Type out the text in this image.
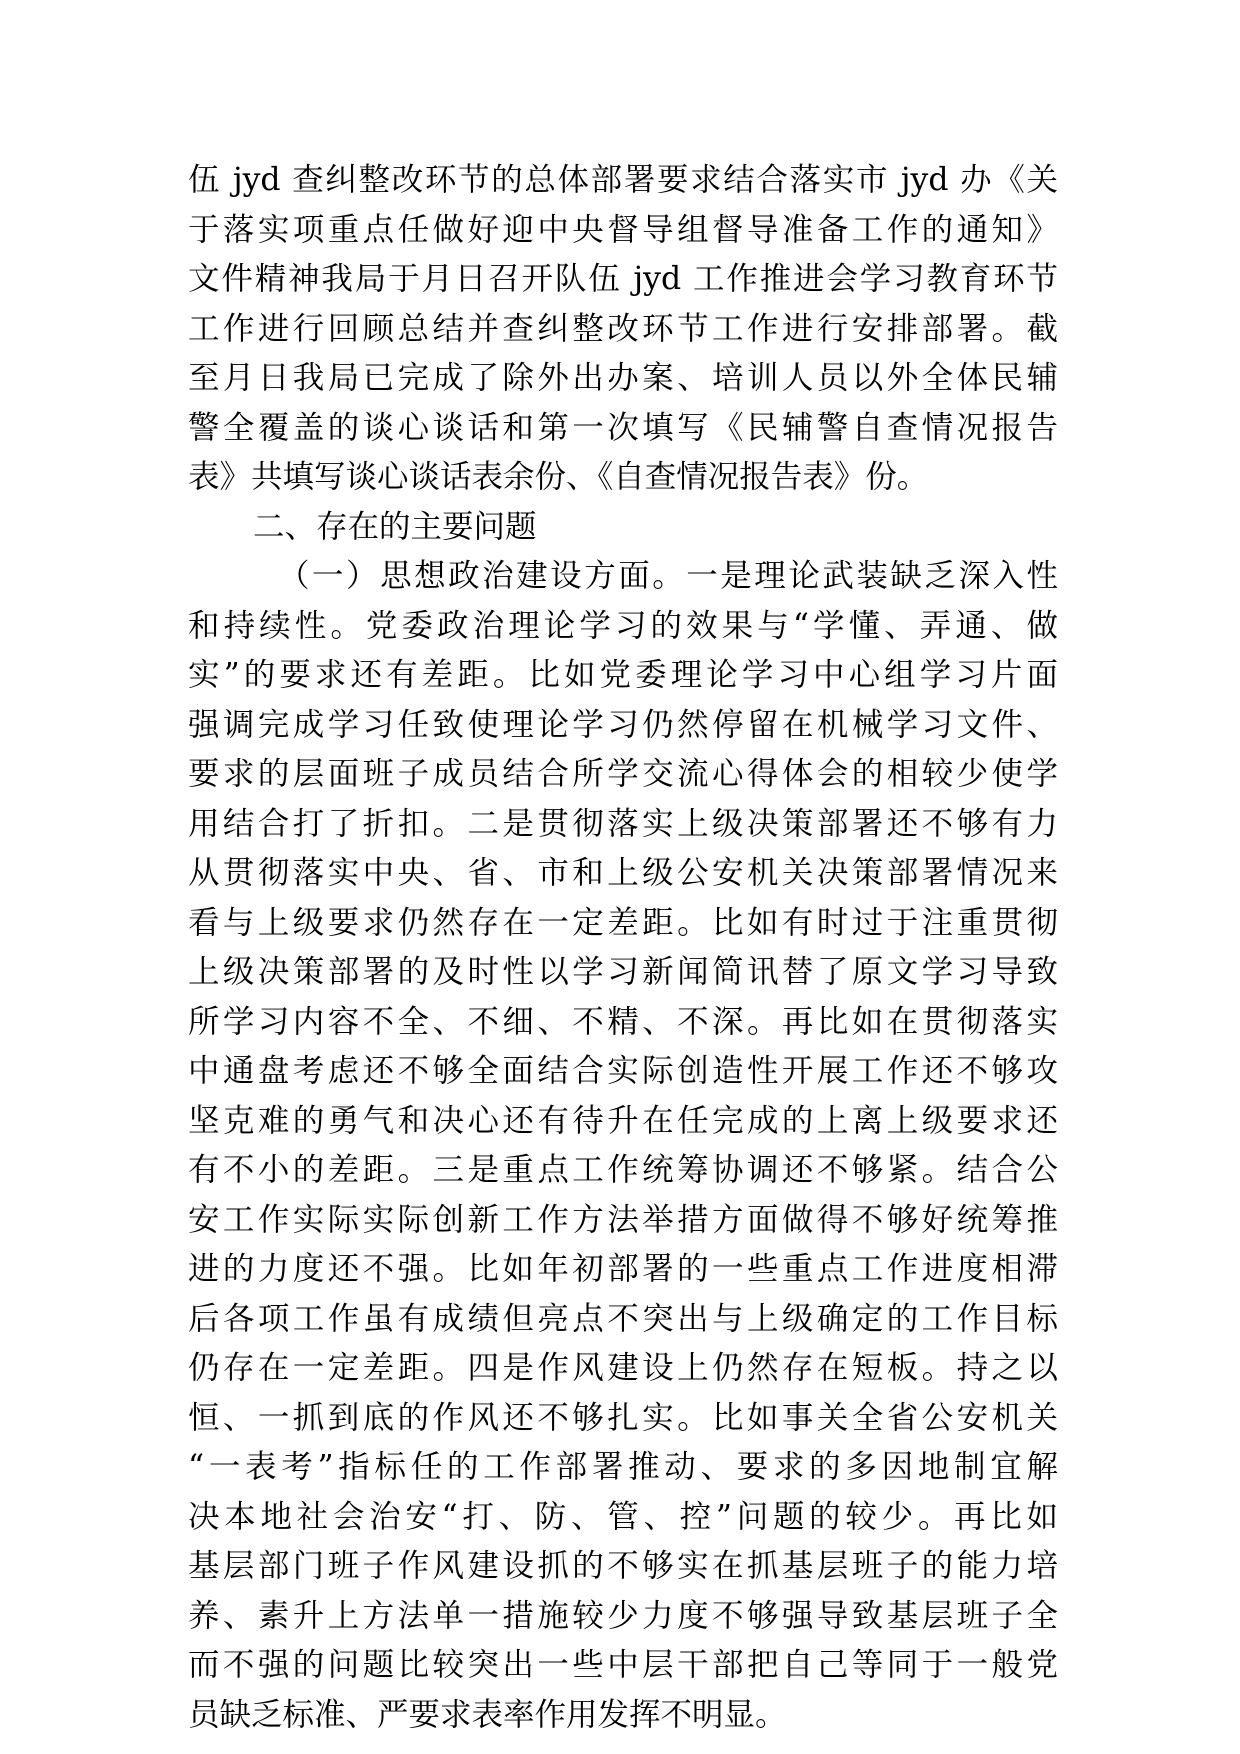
伍 jyd 查纠整改环节的总体部署要求结合落实市 jyd 办《关
于落实项重点任做好迎中央督导组督导准备工作的通知》
文件精神我局于月日召开队伍 jyd 工作推进会学习教育环节
工作进行回顾总结并查纠整改环节工作进行安排部署。截
至月日我局已完成了除外出办案、培训人员以外全体民辅
警全覆盖的谈心谈话和第一次填写《民辅警自查情况报告
表》共填写谈心谈话表余份、《自查情况报告表》份。
二、存在的主要问题
（一）思想政治建设方面。一是理论武装缺乏深入性
和持续性。党委政治理论学习的效果与“学懂、弄通、做
实”的要求还有差距。比如党委理论学习中心组学习片面
强调完成学习任致使理论学习仍然停留在机械学习文件、
要求的层面班子成员结合所学交流心得体会的相较少使学
用结合打了折扣。二是贯彻落实上级决策部署还不够有力
从贯彻落实中央、省、市和上级公安机关决策部署情况来
看与上级要求仍然存在一定差距。比如有时过于注重贯彻
上级决策部署的及时性以学习新闻简讯替了原文学习导致
所学习内容不全、不细、不精、不深。再比如在贯彻落实
中通盘考虑还不够全面结合实际创造性开展工作还不够攻
坚克难的勇气和决心还有待升在任完成的上离上级要求还
有不小的差距。三是重点工作统筹协调还不够紧。结合公
安工作实际实际创新工作方法举措方面做得不够好统筹推
进的力度还不强。比如年初部署的一些重点工作进度相滞
后各项工作虽有成绩但亮点不突出与上级确定的工作目标
仍存在一定差距。四是作风建设上仍然存在短板。持之以
恒、一抓到底的作风还不够扎实。比如事关全省公安机关
“一表考”指标任的工作部署推动、要求的多因地制宜解
决本地社会治安“打、防、管、控”问题的较少。再比如
基层部门班子作风建设抓的不够实在抓基层班子的能力培
养、素升上方法单一措施较少力度不够强导致基层班子全
而不强的问题比较突出一些中层干部把自己等同于一般党
员缺乏标准、严要求表率作用发挥不明显。
